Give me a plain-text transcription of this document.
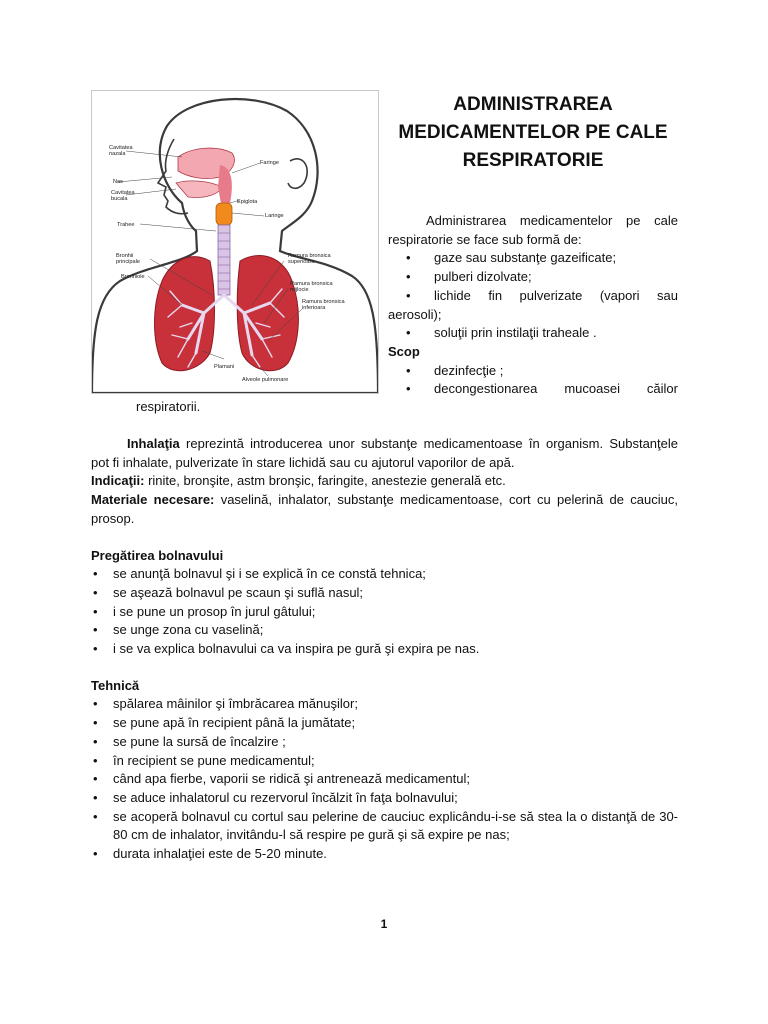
Cavitatea nazala
Nas
Cavitatea bucala
Trahee
Bronhii principale
Bronhiole
Faringe
Epiglota
Laringe
Ramura bronsica superioara
Ramura bronsica mijlocie
Ramura bronsica inferioara
Plamani
Alveole pulmonare
ADMINISTRAREA
MEDICAMENTELOR PE CALE
RESPIRATORIE

Administrarea medicamentelor pe cale respiratorie se face sub formă de:

• gaze sau substanţe gazeificate;

• pulberi dizolvate;

• lichide fin pulverizate (vapori sau aerosoli);

• soluţii prin instilaţii traheale .

Scop

• dezinfecţie ;

• decongestionarea mucoasei căilor

respiratorii.

Inhalaţia reprezintă introducerea unor substanţe medicamentoase în organism. Substanţele pot fi inhalate, pulverizate în stare lichidă sau cu ajutorul vaporilor de apă.

Indicaţii: rinite, bronşite, astm bronşic, faringite, anestezie generală etc.

Materiale necesare: vaselină, inhalator, substanţe medicamentoase, cort cu pelerină de cauciuc, prosop.

Pregătirea bolnavului

• se anunţă bolnavul şi i se explică în ce constă tehnica;
• se aşează bolnavul pe scaun şi suflă nasul;
• i se pune un prosop în jurul gâtului;
• se unge zona cu vaselină;
• i se va explica bolnavului ca va inspira pe gură şi expira pe nas.

Tehnică

• spălarea mâinilor şi îmbrăcarea mănuşilor;
• se pune apă în recipient până la jumătate;
• se pune la sursă de încalzire ;
• în recipient se pune medicamentul;
• când apa fierbe, vaporii se ridică şi antrenează medicamentul;
• se aduce inhalatorul cu rezervorul încălzit în faţa bolnavului;
• se acoperă bolnavul cu cortul sau pelerine de cauciuc explicându-i-se să stea la o distanţă de 30-80 cm de inhalator, invitându-l să respire pe gură şi să expire pe nas;
• durata inhalaţiei este de 5-20 minute.
1
